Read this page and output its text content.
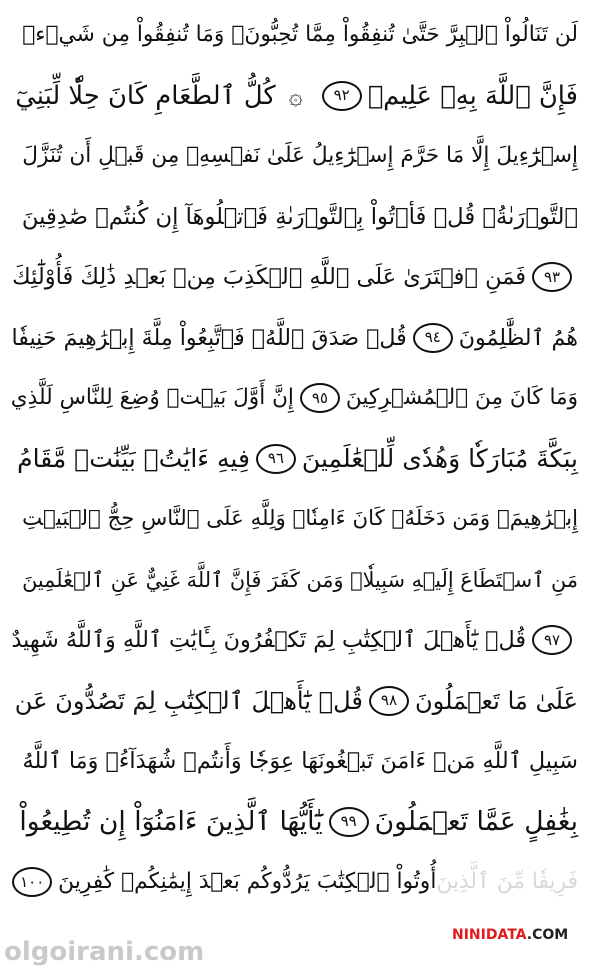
لَن تَنَالُواْ ٱلۡبِرَّ حَتَّىٰ تُنفِقُواْ مِمَّا تُحِبُّونَۚ وَمَا تُنفِقُواْ مِن شَيۡءٖ
فَإِنَّ ٱللَّهَ بِهِۦ عَلِيمٞ
٩٢
۞
كُلُّ ٱلطَّعَامِ كَانَ حِلّٗا لِّبَنِيٓ
إِسۡرَٰٓءِيلَ إِلَّا مَا حَرَّمَ إِسۡرَٰٓءِيلُ عَلَىٰ نَفۡسِهِۦ مِن قَبۡلِ أَن تُنَزَّلَ
ٱلتَّوۡرَىٰةُۗ قُلۡ فَأۡتُواْ بِٱلتَّوۡرَىٰةِ فَٱتۡلُوهَآ إِن كُنتُمۡ صَٰدِقِينَ
٩٣
فَمَنِ ٱفۡتَرَىٰ عَلَى ٱللَّهِ ٱلۡكَذِبَ مِنۢ بَعۡدِ ذَٰلِكَ فَأُوْلَٰٓئِكَ
هُمُ ٱلظَّٰلِمُونَ
٩٤
قُلۡ صَدَقَ ٱللَّهُۗ فَٱتَّبِعُواْ مِلَّةَ إِبۡرَٰهِيمَ حَنِيفٗا
وَمَا كَانَ مِنَ ٱلۡمُشۡرِكِينَ
٩٥
إِنَّ أَوَّلَ بَيۡتٖ وُضِعَ لِلنَّاسِ لَلَّذِي
بِبَكَّةَ مُبَارَكٗا وَهُدٗى لِّلۡعَٰلَمِينَ
٩٦
فِيهِ ءَايَٰتُۢ بَيِّنَٰتٞ مَّقَامُ
إِبۡرَٰهِيمَۖ وَمَن دَخَلَهُۥ كَانَ ءَامِنٗاۗ وَلِلَّهِ عَلَى ٱلنَّاسِ حِجُّ ٱلۡبَيۡتِ
مَنِ ٱسۡتَطَاعَ إِلَيۡهِ سَبِيلٗاۚ وَمَن كَفَرَ فَإِنَّ ٱللَّهَ غَنِيٌّ عَنِ ٱلۡعَٰلَمِينَ
٩٧
قُلۡ يَٰٓأَهۡلَ ٱلۡكِتَٰبِ لِمَ تَكۡفُرُونَ بِـَٔايَٰتِ ٱللَّهِ وَٱللَّهُ شَهِيدٌ
عَلَىٰ مَا تَعۡمَلُونَ
٩٨
قُلۡ يَٰٓأَهۡلَ ٱلۡكِتَٰبِ لِمَ تَصُدُّونَ عَن
سَبِيلِ ٱللَّهِ مَنۡ ءَامَنَ تَبۡغُونَهَا عِوَجٗا وَأَنتُمۡ شُهَدَآءُۗ وَمَا ٱللَّهُ
بِغَٰفِلٍ عَمَّا تَعۡمَلُونَ
٩٩
يَٰٓأَيُّهَا ٱلَّذِينَ ءَامَنُوٓاْ إِن تُطِيعُواْ
فَرِيقٗا مِّنَ ٱلَّذِينَ
أُوتُواْ ٱلۡكِتَٰبَ يَرُدُّوكُم بَعۡدَ إِيمَٰنِكُمۡ كَٰفِرِينَ
١٠٠
olgoirani.com
NINIDATA.COM
